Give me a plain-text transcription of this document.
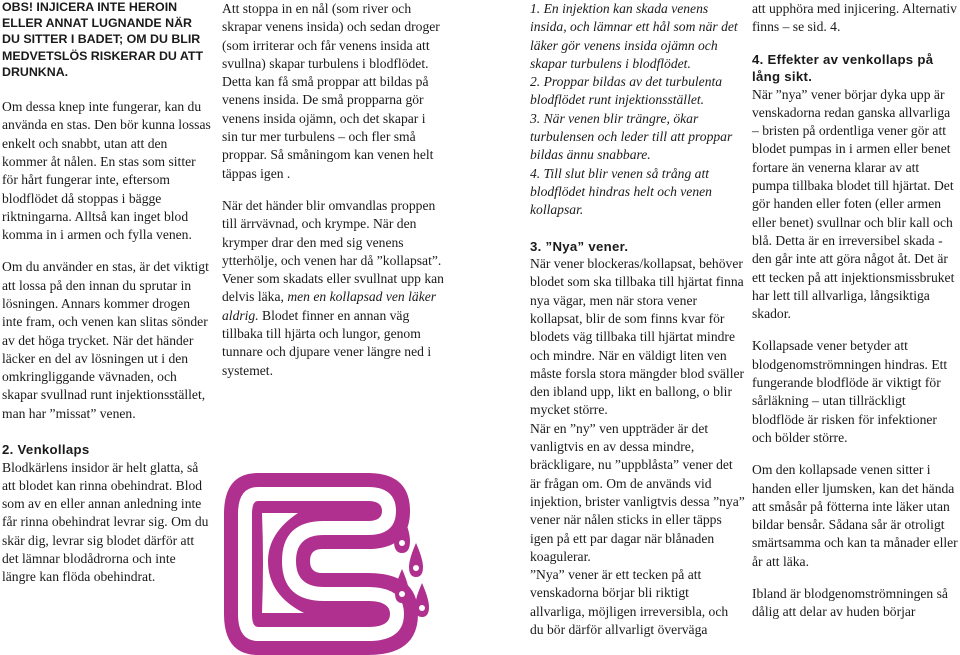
OBS! INJICERA INTE HEROIN ELLER ANNAT LUGNANDE NÄR DU SITTER I BADET; OM DU BLIR MEDVETSLÖS RISKERAR DU ATT DRUNKNA.

Om dessa knep inte fungerar, kan du använda en stas. Den bör kunna lossas enkelt och snabbt, utan att den kommer åt nålen. En stas som sitter för hårt fungerar inte, eftersom blodflödet då stoppas i bägge riktningarna. Alltså kan inget blod komma in i armen och fylla venen.

Om du använder en stas, är det viktigt att lossa på den innan du sprutar in lösningen. Annars kommer drogen inte fram, och venen kan slitas sönder av det höga trycket. När det händer läcker en del av lösningen ut i den omkringliggande vävnaden, och skapar svullnad runt injektionsstället, man har ”missat” venen.

2. Venkollaps

Blodkärlens insidor är helt glatta, så att blodet kan rinna obehindrat. Blod som av en eller annan anledning inte får rinna obehindrat levrar sig. Om du skär dig, levrar sig blodet därför att det lämnar blodådrorna och inte längre kan flöda obehindrat.

Att stoppa in en nål (som river och skrapar venens insida) och sedan droger (som irriterar och får venens insida att svullna) skapar turbulens i blodflödet.

Detta kan få små proppar att bildas på venens insida. De små propparna gör venens insida ojämn, och det skapar i sin tur mer turbulens – och fler små proppar. Så småningom kan venen helt täppas igen .

När det händer blir omvandlas proppen till ärrvävnad, och krympe. När den krymper drar den med sig venens ytterhölje, och venen har då ”kollapsat”.
Vener som skadats eller svullnat upp kan delvis läka, men en kollapsad ven läker aldrig. Blodet finner en annan väg tillbaka till hjärta och lungor, genom tunnare och djupare vener längre ned i systemet.

1. En injektion kan skada venens insida, och lämnar ett hål som när det läker gör venens insida ojämn och skapar turbulens i blodflödet.

2. Proppar bildas av det turbulenta blodflödet runt injektionsstället.

3. När venen blir trängre, ökar turbulensen och leder till att proppar bildas ännu snabbare.

4. Till slut blir venen så trång att blodflödet hindras helt och venen kollapsar.

3. ”Nya” vener.

När vener blockeras/kollapsat, behöver blodet som ska tillbaka till hjärtat finna nya vägar, men när stora vener kollapsat, blir de som finns kvar för blodets väg tillbaka till hjärtat mindre och mindre. När en väldigt liten ven måste forsla stora mängder blod sväller den ibland upp, likt en ballong, o blir mycket större.

När en ”ny” ven uppträder är det vanligtvis en av dessa mindre, bräckligare, nu ”uppblåsta” vener det är frågan om. Om de används vid injektion, brister vanligtvis dessa ”nya” vener när nålen sticks in eller täpps igen på ett par dagar när blånaden koagulerar.

”Nya” vener är ett tecken på att venskadorna börjar bli riktigt allvarliga, möjligen irreversibla, och du bör därför allvarligt överväga

att upphöra med injicering. Alternativ finns – se sid. 4.

4. Effekter av venkollaps på lång sikt.

När ”nya” vener börjar dyka upp är venskadorna redan ganska allvarliga – bristen på ordentliga vener gör att blodet pumpas in i armen eller benet fortare än venerna klarar av att pumpa tillbaka blodet till hjärtat. Det gör handen eller foten (eller armen eller benet) svullnar och blir kall och blå. Detta är en irreversibel skada - den går inte att göra något åt. Det är ett tecken på att injektionsmissbruket har lett till allvarliga, långsiktiga skador.

Kollapsade vener betyder att blodgenomströmningen hindras. Ett fungerande blodflöde är viktigt för sårläkning – utan tillräckligt blodflöde är risken för infektioner och bölder större.

Om den kollapsade venen sitter i handen eller ljumsken, kan det hända att småsår på fötterna inte läker utan bildar bensår. Sådana sår är otroligt smärtsamma och kan ta månader eller år att läka.

Ibland är blodgenomströmningen så dålig att delar av huden börjar
